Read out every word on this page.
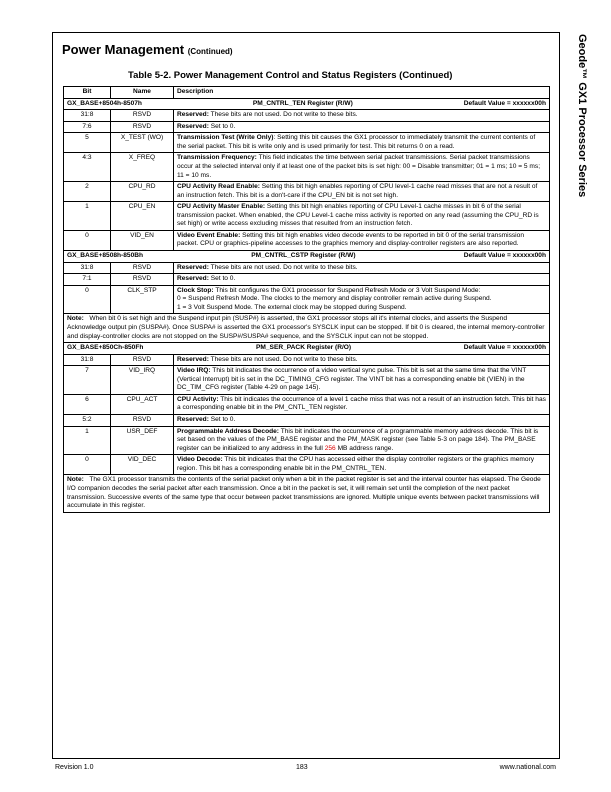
Geode™ GX1 Processor Series
Power Management (Continued)
Table 5-2. Power Management Control and Status Registers (Continued)
Bit	Name	Description

GX_BASE+8504h-8507h PM_CNTRL_TEN Register (R/W) Default Value = xxxxxx00h		

31:8	RSVD	Reserved: These bits are not used. Do not write to these bits.
7:6	RSVD	Reserved: Set to 0.
5	X_TEST (WO)	Transmission Test (Write Only): Setting this bit causes the GX1 processor to immediately transmit the current contents of the serial packet. This bit is write only and is used primarily for test. This bit returns 0 on a read.
4:3	X_FREQ	Transmission Frequency: This field indicates the time between serial packet transmissions. Serial packet transmissions occur at the selected interval only if at least one of the packet bits is set high: 00 = Disable transmitter; 01 = 1 ms; 10 = 5 ms; 11 = 10 ms.
2	CPU_RD	CPU Activity Read Enable: Setting this bit high enables reporting of CPU level-1 cache read misses that are not a result of an instruction fetch. This bit is a don't-care if the CPU_EN bit is not set high.
1	CPU_EN	CPU Activity Master Enable: Setting this bit high enables reporting of CPU Level-1 cache misses in bit 6 of the serial transmission packet. When enabled, the CPU Level-1 cache miss activity is reported on any read (assuming the CPU_RD is set high) or write access excluding misses that resulted from an instruction fetch.
0	VID_EN	Video Event Enable: Setting this bit high enables video decode events to be reported in bit 0 of the serial transmission packet. CPU or graphics-pipeline accesses to the graphics memory and display-controller registers are also reported.

GX_BASE+8508h-850Bh PM_CNTRL_CSTP Register (R/W) Default Value = xxxxxx00h		

31:8	RSVD	Reserved: These bits are not used. Do not write to these bits.
7:1	RSVD	Reserved: Set to 0.
0	CLK_STP	Clock Stop: This bit configures the GX1 processor for Suspend Refresh Mode or 3 Volt Suspend Mode:
0 = Suspend Refresh Mode. The clocks to the memory and display controller remain active during Suspend.
1 = 3 Volt Suspend Mode. The external clock may be stopped during Suspend.

Note: When bit 0 is set high and the Suspend input pin (SUSP#) is asserted, the GX1 processor stops all it's internal clocks, and asserts the Suspend Acknowledge output pin (SUSPA#). Once SUSPA# is asserted the GX1 processor's SYSCLK input can be stopped. If bit 0 is cleared, the internal memory-controller and display-controller clocks are not stopped on the SUSP#/SUSPA# sequence, and the SYSCLK input can not be stopped.		

GX_BASE+850Ch-850Fh PM_SER_PACK Register (R/O) Default Value = xxxxxx00h		

31:8	RSVD	Reserved: These bits are not used. Do not write to these bits.
7	VID_IRQ	Video IRQ: This bit indicates the occurrence of a video vertical sync pulse. This bit is set at the same time that the VINT (Vertical Interrupt) bit is set in the DC_TIMING_CFG register. The VINT bit has a corresponding enable bit (VIEN) in the DC_TIM_CFG register (Table 4-29 on page 145).
6	CPU_ACT	CPU Activity: This bit indicates the occurrence of a level 1 cache miss that was not a result of an instruction fetch. This bit has a corresponding enable bit in the PM_CNTL_TEN register.
5:2	RSVD	Reserved: Set to 0.
1	USR_DEF	Programmable Address Decode: This bit indicates the occurrence of a programmable memory address decode. This bit is set based on the values of the PM_BASE register and the PM_MASK register (see Table 5-3 on page 184). The PM_BASE register can be initialized to any address in the full 256 MB address range.
0	VID_DEC	Video Decode: This bit indicates that the CPU has accessed either the display controller registers or the graphics memory region. This bit has a corresponding enable bit in the PM_CNTRL_TEN.
Note: The GX1 processor transmits the contents of the serial packet only when a bit in the packet register is set and the interval counter has elapsed. The Geode I/O companion decodes the serial packet after each transmission. Once a bit in the packet is set, it will remain set until the completion of the next packet transmission. Successive events of the same type that occur between packet transmissions are ignored. Multiple unique events between packet transmissions will accumulate in this register.		
Revision 1.0	183	www.national.com
